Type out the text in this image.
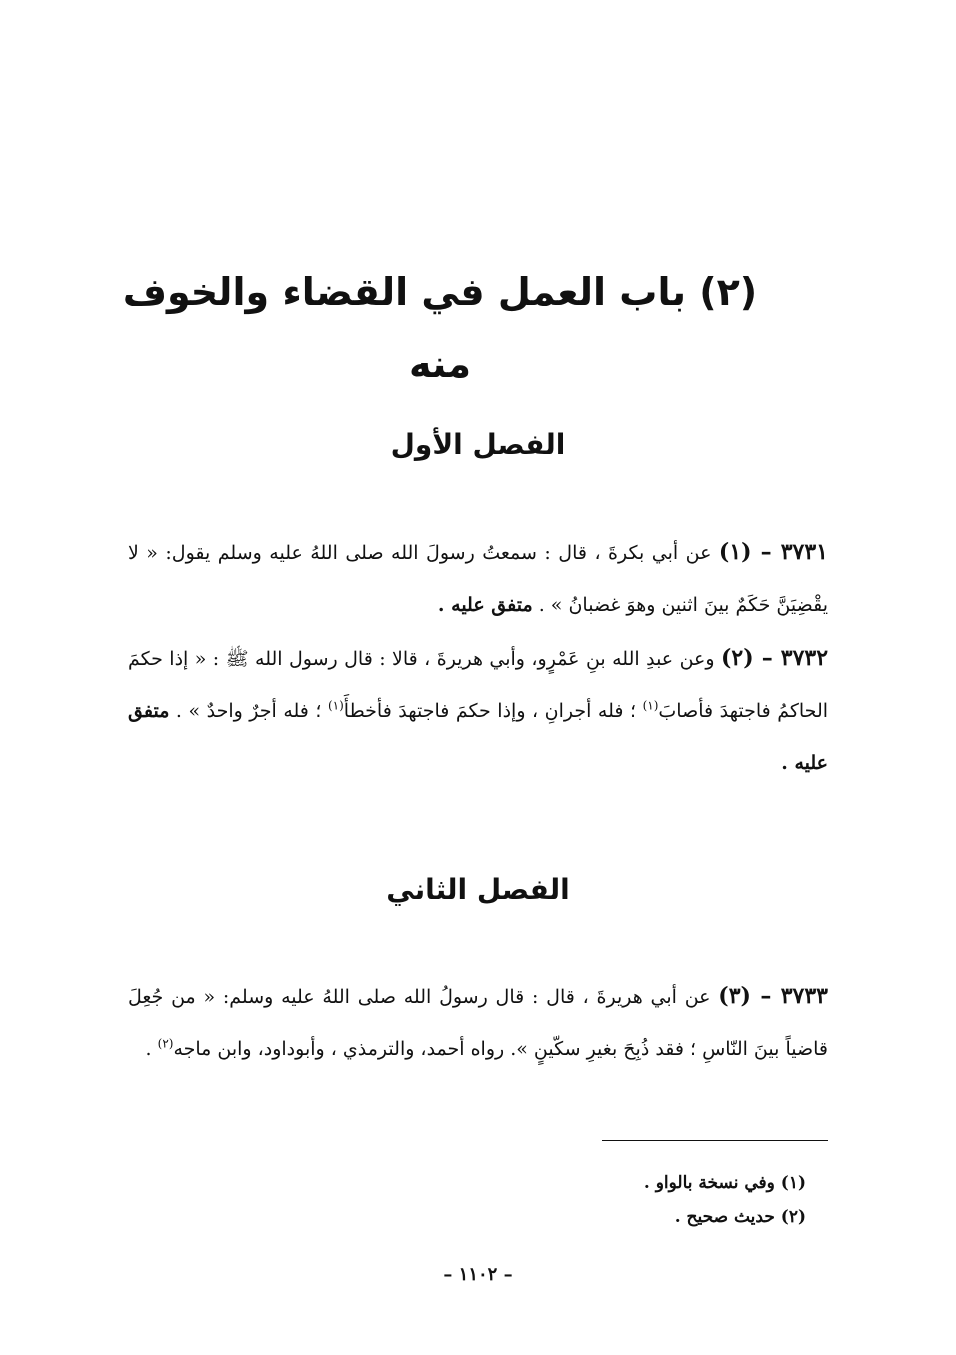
(٢) باب العمل في القضاء والخوف منه
الفصل الأول

٣٧٣١ – (١) عن أبي بكرةَ ، قال : سمعتُ رسولَ الله صلى اللهُ عليه وسلم يقول: « لا يقْضِيَنَّ حَكَمٌ بينَ اثنين وهوَ غضبانُ » . متفق عليه .

٣٧٣٢ – (٢) وعن عبدِ الله بنِ عَمْرٍو، وأبي هريرةَ ، قالا : قال رسول الله ﷺ : « إذا حكمَ الحاكمُ فاجتهدَ فأصابَ$^{(١)}$ ؛ فله أجرانِ ، وإذا حكمَ فاجتهدَ فأخطأَ$^{(١)}$ ؛ فله أجرٌ واحدٌ » . متفق عليه .

الفصل الثاني

٣٧٣٣ – (٣) عن أبي هريرةَ ، قال : قال رسولُ الله صلى اللهُ عليه وسلم: « من جُعِلَ قاضياً بينَ النّاسِ ؛ فقد ذُبِحَ بغيرِ سكّينٍ ». رواه أحمد، والترمذي ، وأبوداود، وابن ماجه$^{(٢)}$ .

(١) وفي نسخة بالواو .
(٢) حديث صحيح .
– ١١٠٢ –
